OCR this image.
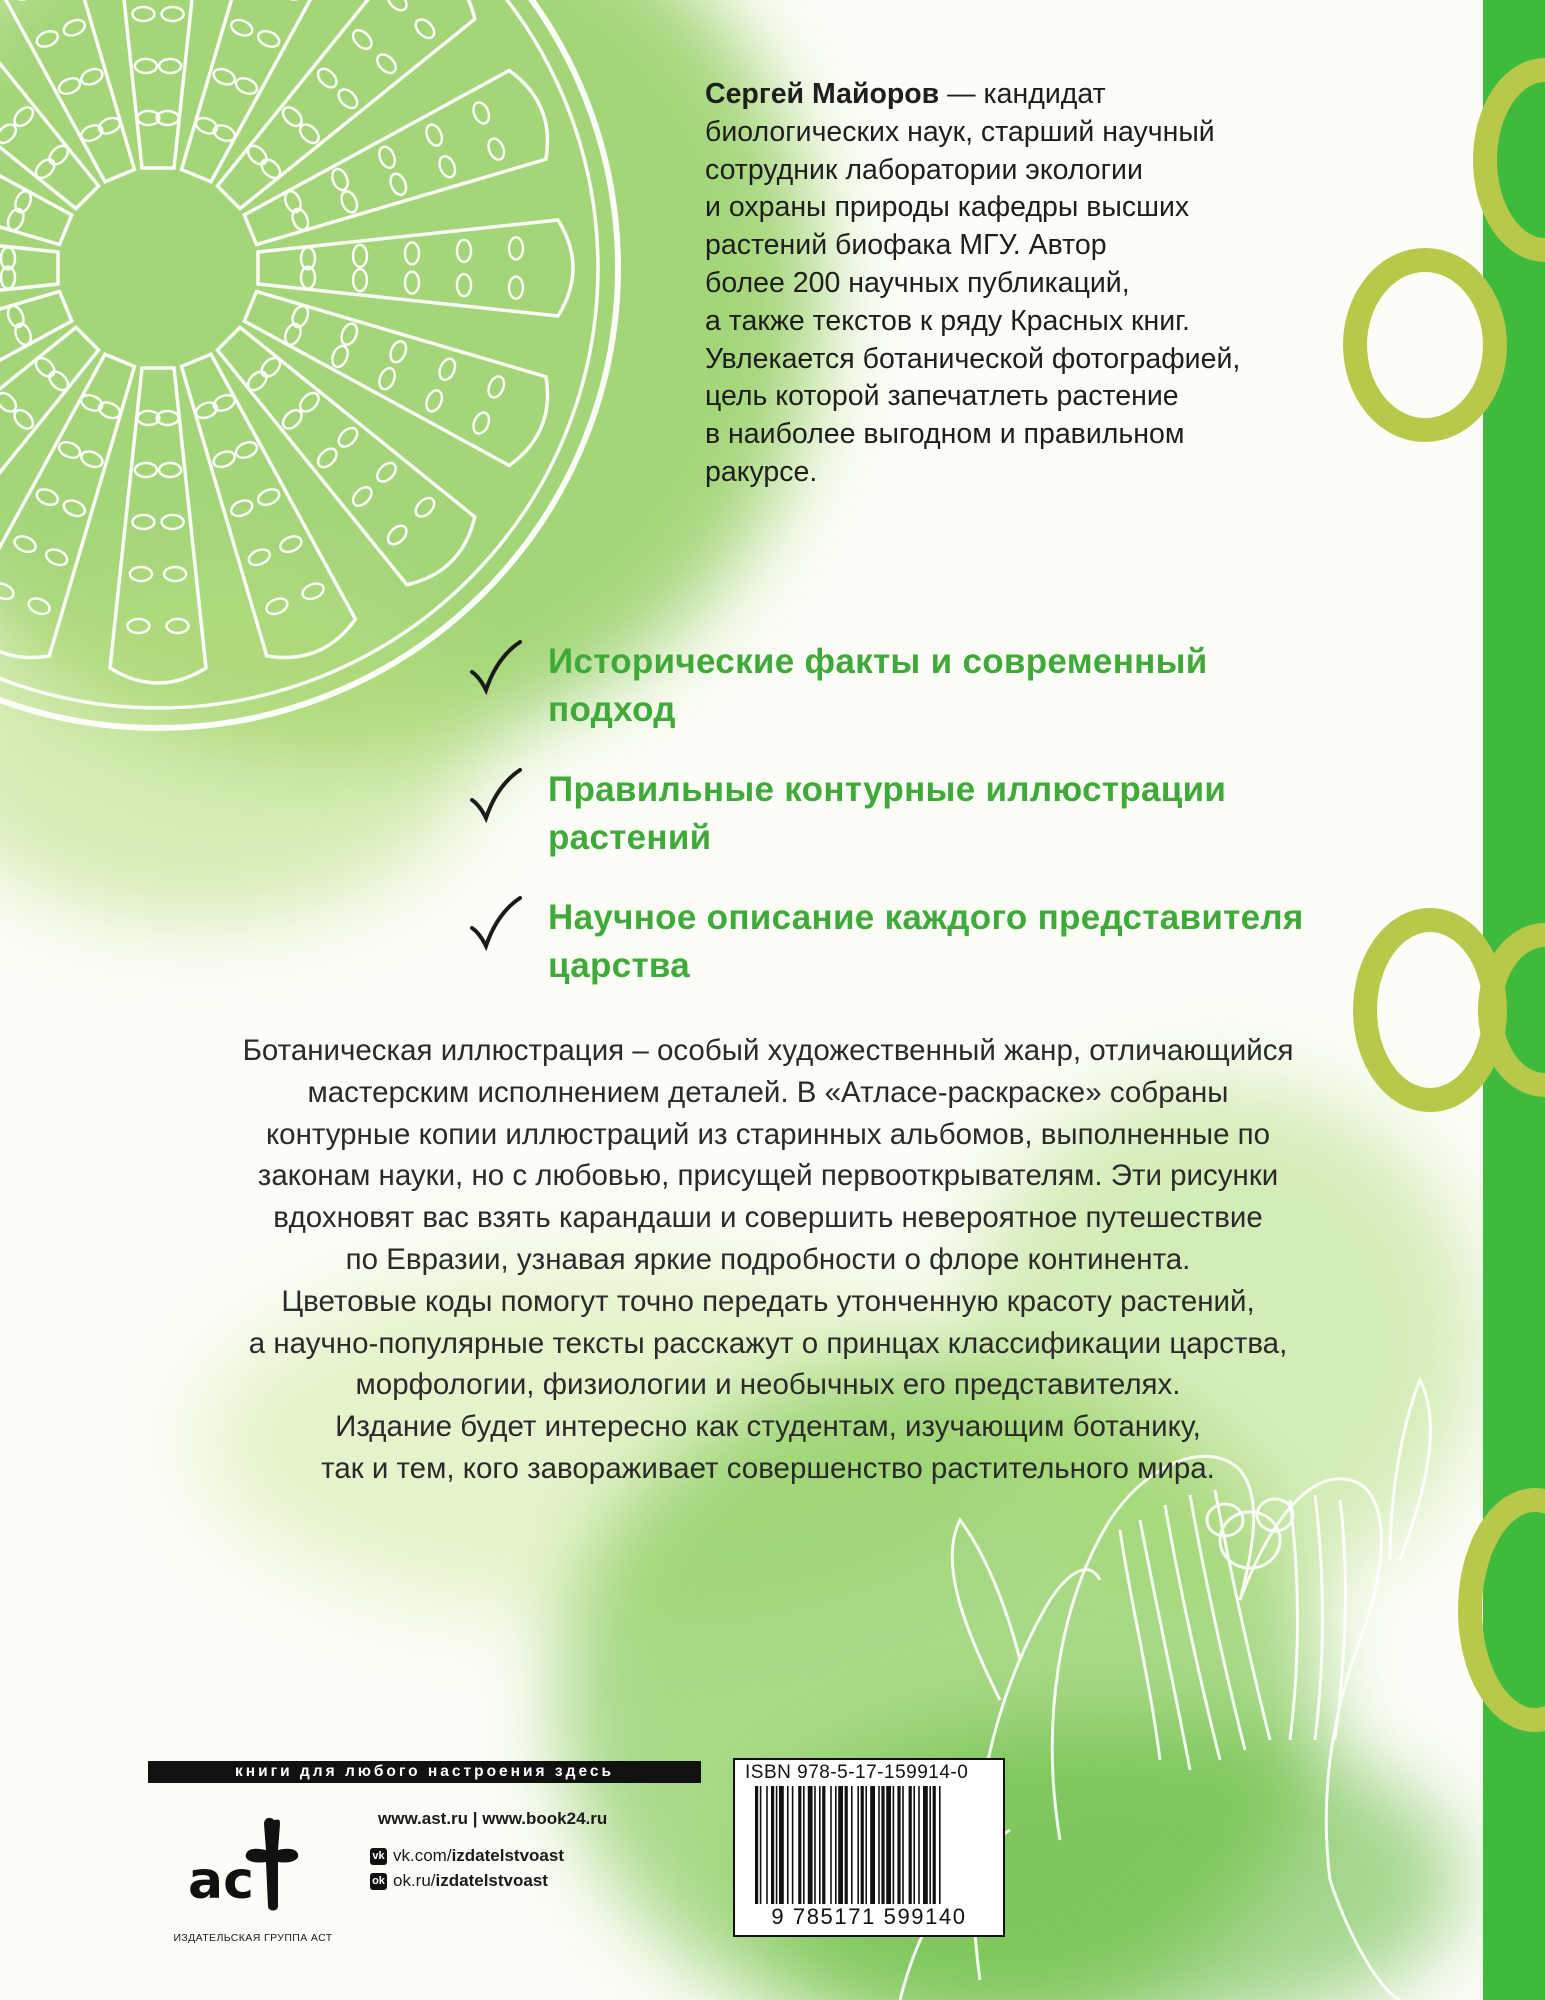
Сергей Майоров — кандидат
биологических наук, старший научный
сотрудник лаборатории экологии
и охраны природы кафедры высших
растений биофака МГУ. Автор
более 200 научных публикаций,
а также текстов к ряду Красных книг.
Увлекается ботанической фотографией,
цель которой запечатлеть растение
в наиболее выгодном и правильном
ракурсе.
Исторические факты и современный
подход
Правильные контурные иллюстрации
растений
Научное описание каждого представителя
царства
Ботаническая иллюстрация – особый художественный жанр, отличающийся
мастерским исполнением деталей. В «Атласе-раскраске» собраны
контурные копии иллюстраций из старинных альбомов, выполненные по
законам науки, но с любовью, присущей первооткрывателям. Эти рисунки
вдохновят вас взять карандаши и совершить невероятное путешествие
по Евразии, узнавая яркие подробности о флоре континента.
Цветовые коды помогут точно передать утонченную красоту растений,
а научно-популярные тексты расскажут о принцах классификации царства,
морфологии, физиологии и необычных его представителях.
Издание будет интересно как студентам, изучающим ботанику,
так и тем, кого завораживает совершенство растительного мира.
книги для любого настроения здесь
ас
ИЗДАТЕЛЬСКАЯ ГРУППА АСТ
www.ast.ru | www.book24.ru
vk vk.com/ izdatelstvoast
ok ok.ru/ izdatelstvoast
ISBN 978-5-17-159914-0
9 785171 599140
